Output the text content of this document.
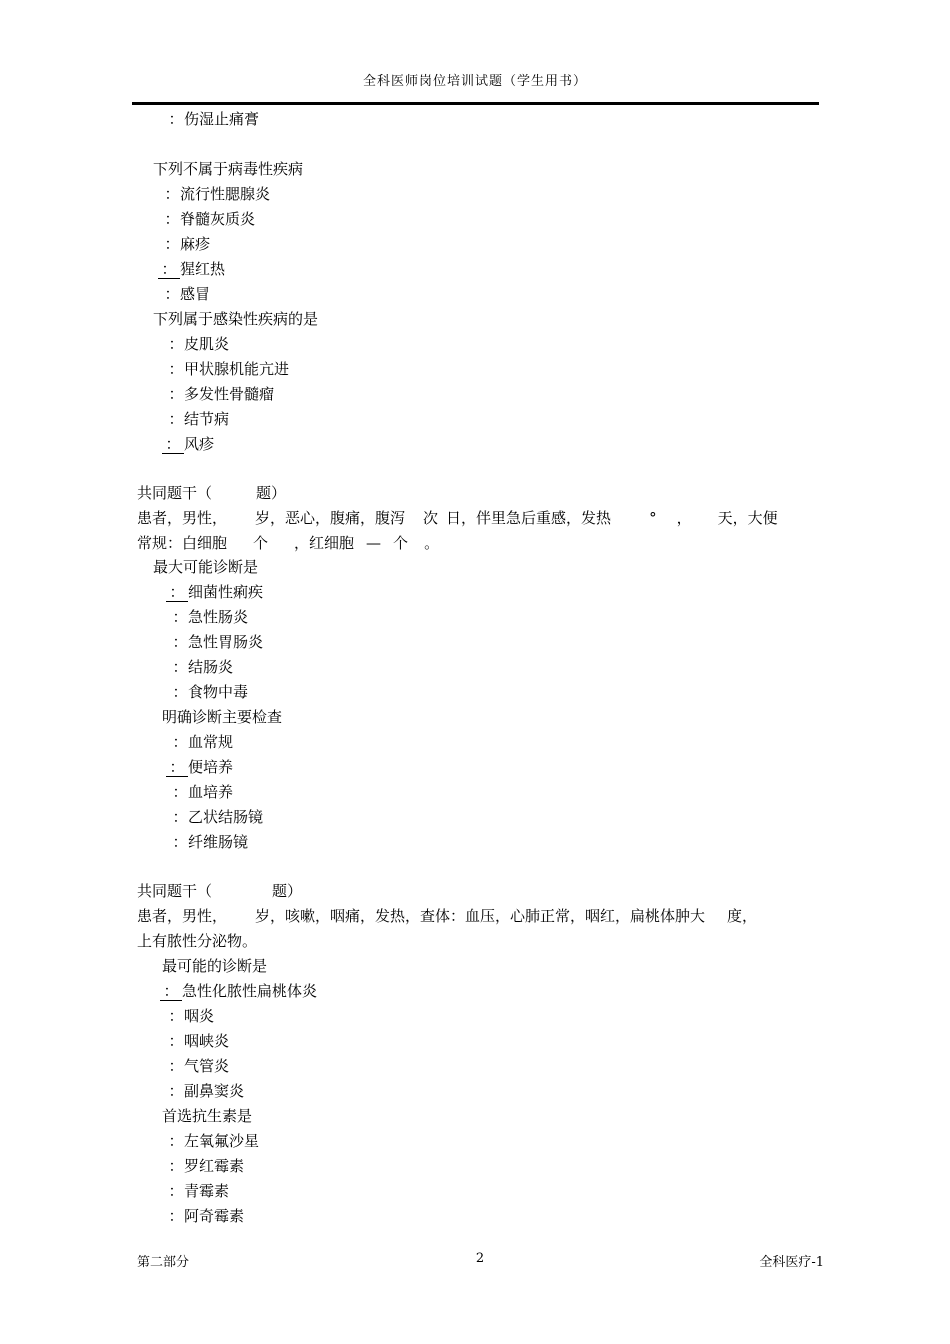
全科医师岗位培训试题（学生用书）
：伤湿止痛膏
下列不属于病毒性疾病
：流行性腮腺炎
：脊髓灰质炎
：麻疹
： 猩红热
：感冒
下列属于感染性疾病的是
：皮肌炎
：甲状腺机能亢进
：多发性骨髓瘤
：结节病
： 风疹
共同题干（	题）
患者，男性， 岁，恶心，腹痛，腹泻 次 日，伴里急后重感，发热	° ， 天，大便
常规：白细胞 个 ，红细胞 — 个 。
最大可能诊断是
： 细菌性痢疾
：急性肠炎
：急性胃肠炎
：结肠炎
：食物中毒
明确诊断主要检查
：血常规
： 便培养
：血培养
：乙状结肠镜
：纤维肠镜
共同题干（	题）
患者，男性， 岁，咳嗽，咽痛，发热，查体：血压，心肺正常，咽红，扁桃体肿大 度，
上有脓性分泌物。
最可能的诊断是
： 急性化脓性扁桃体炎
：咽炎
：咽峡炎
：气管炎
：副鼻窦炎
首选抗生素是
：左氧氟沙星
：罗红霉素
：青霉素
：阿奇霉素
第二部分	2	全科医疗-1
